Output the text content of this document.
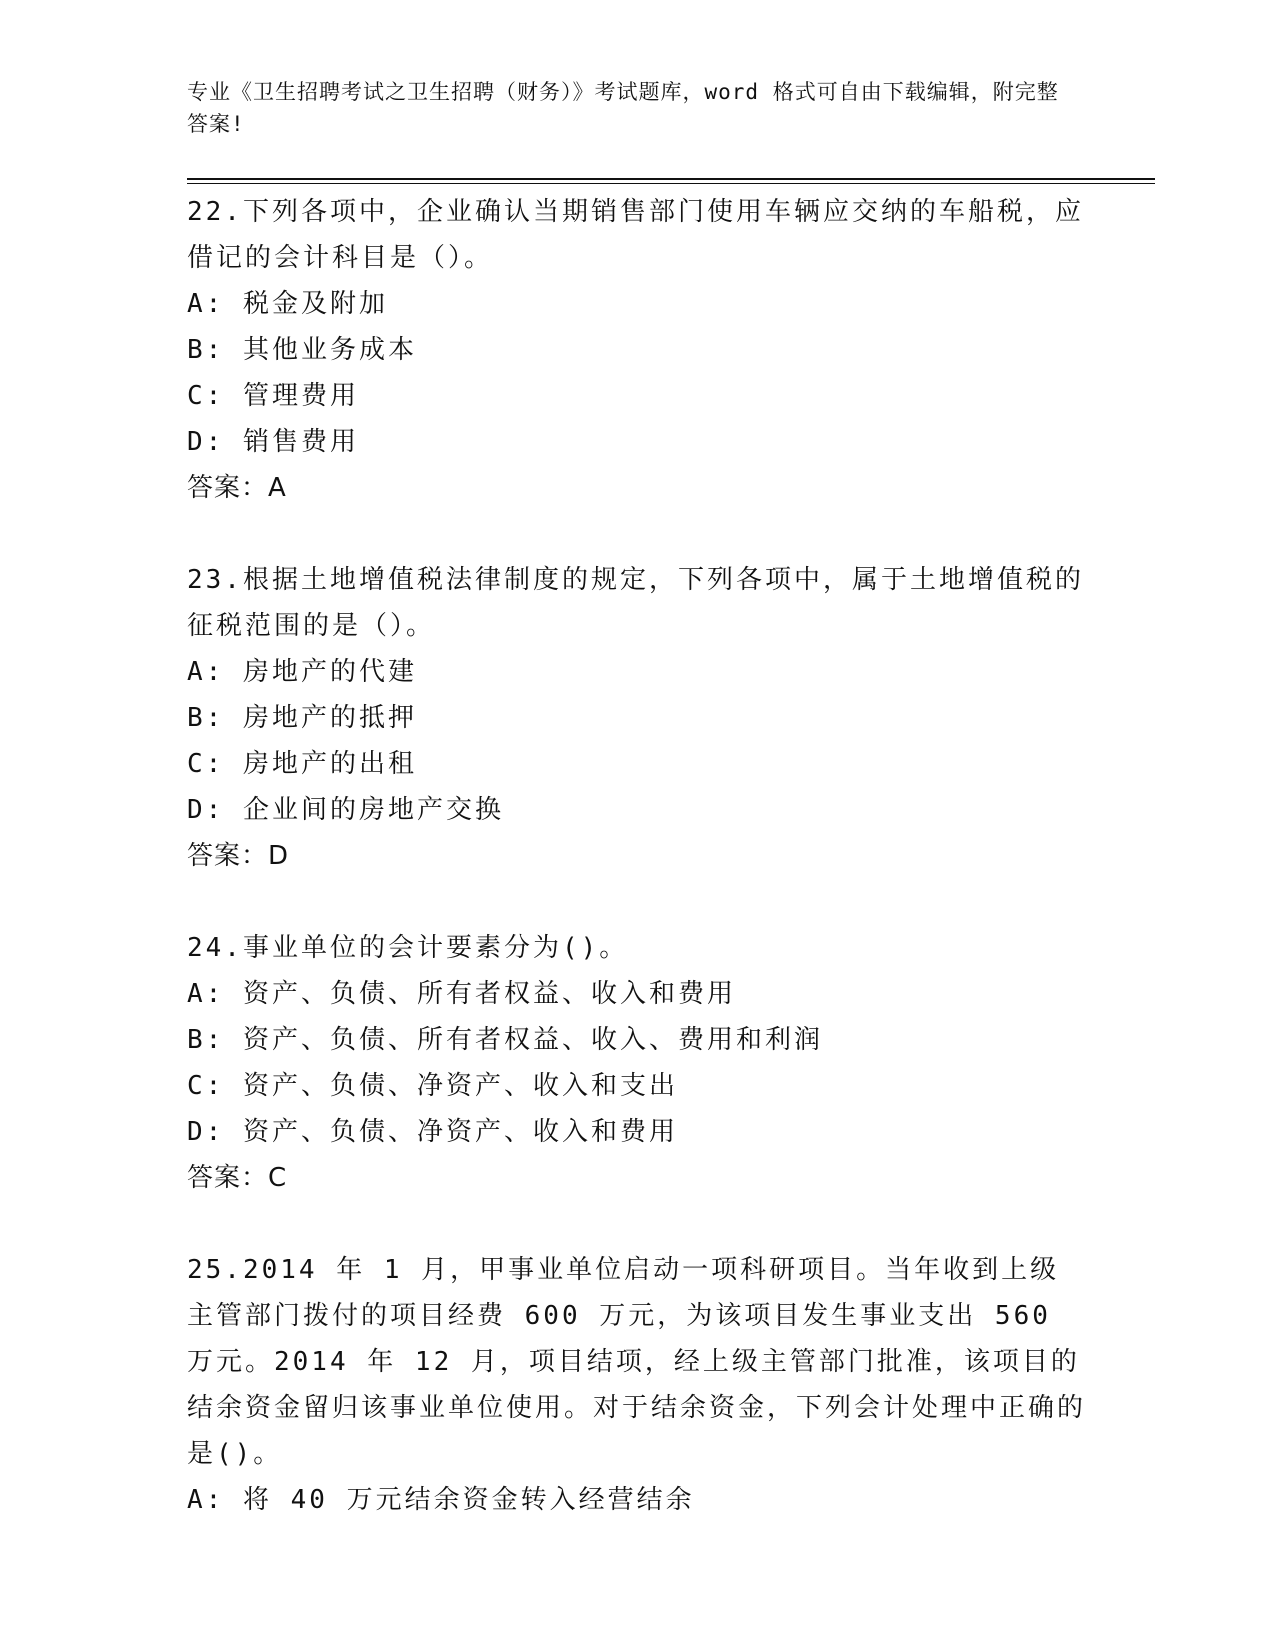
专业《卫生招聘考试之卫生招聘（财务）》考试题库，word 格式可自由下载编辑，附完整答案!
22.下列各项中，企业确认当期销售部门使用车辆应交纳的车船税，应借记的会计科目是（）。
A: 税金及附加
B: 其他业务成本
C: 管理费用
D: 销售费用
答案：A
23.根据土地增值税法律制度的规定，下列各项中，属于土地增值税的征税范围的是（）。
A: 房地产的代建
B: 房地产的抵押
C: 房地产的出租
D: 企业间的房地产交换
答案：D
24.事业单位的会计要素分为()。
A: 资产、负债、所有者权益、收入和费用
B: 资产、负债、所有者权益、收入、费用和利润
C: 资产、负债、净资产、收入和支出
D: 资产、负债、净资产、收入和费用
答案：C
25.2014 年 1 月，甲事业单位启动一项科研项目。当年收到上级主管部门拨付的项目经费 600 万元，为该项目发生事业支出 560 万元。2014 年 12 月，项目结项，经上级主管部门批准，该项目的结余资金留归该事业单位使用。对于结余资金，下列会计处理中正确的是()。
A: 将 40 万元结余资金转入经营结余
